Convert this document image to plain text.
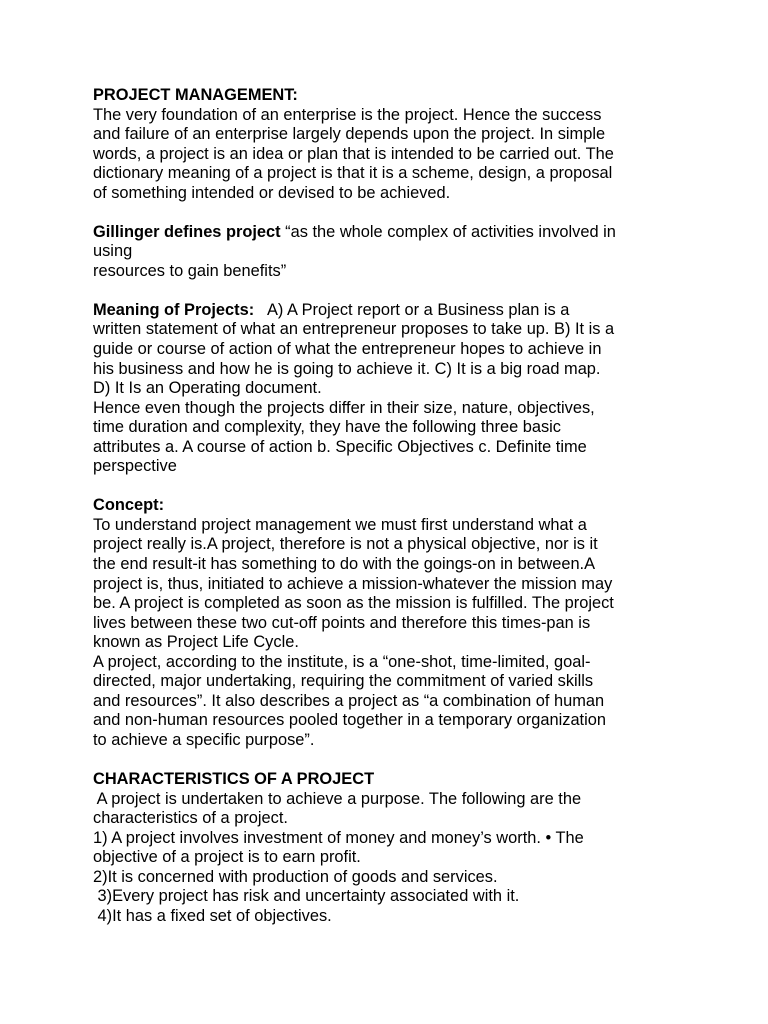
PROJECT MANAGEMENT:
The very foundation of an enterprise is the project. Hence the success
and failure of an enterprise largely depends upon the project. In simple
words, a project is an idea or plan that is intended to be carried out. The
dictionary meaning of a project is that it is a scheme, design, a proposal
of something intended or devised to be achieved.
Gillinger defines project “as the whole complex of activities involved in
using
resources to gain benefits”
Meaning of Projects:   A) A Project report or a Business plan is a
written statement of what an entrepreneur proposes to take up. B) It is a
guide or course of action of what the entrepreneur hopes to achieve in
his business and how he is going to achieve it. C) It is a big road map.
D) It Is an Operating document.
Hence even though the projects differ in their size, nature, objectives,
time duration and complexity, they have the following three basic
attributes a. A course of action b. Specific Objectives c. Definite time
perspective
Concept:
To understand project management we must first understand what a
project really is.A project, therefore is not a physical objective, nor is it
the end result-it has something to do with the goings-on in between.A
project is, thus, initiated to achieve a mission-whatever the mission may
be. A project is completed as soon as the mission is fulfilled. The project
lives between these two cut-off points and therefore this times-pan is
known as Project Life Cycle.
A project, according to the institute, is a “one-shot, time-limited, goal-
directed, major undertaking, requiring the commitment of varied skills
and resources”. It also describes a project as “a combination of human
and non-human resources pooled together in a temporary organization
to achieve a specific purpose”.
CHARACTERISTICS OF A PROJECT
A project is undertaken to achieve a purpose. The following are the
characteristics of a project.
1) A project involves investment of money and money’s worth. • The
objective of a project is to earn profit.
2)It is concerned with production of goods and services.
3)Every project has risk and uncertainty associated with it.
4)It has a fixed set of objectives.
